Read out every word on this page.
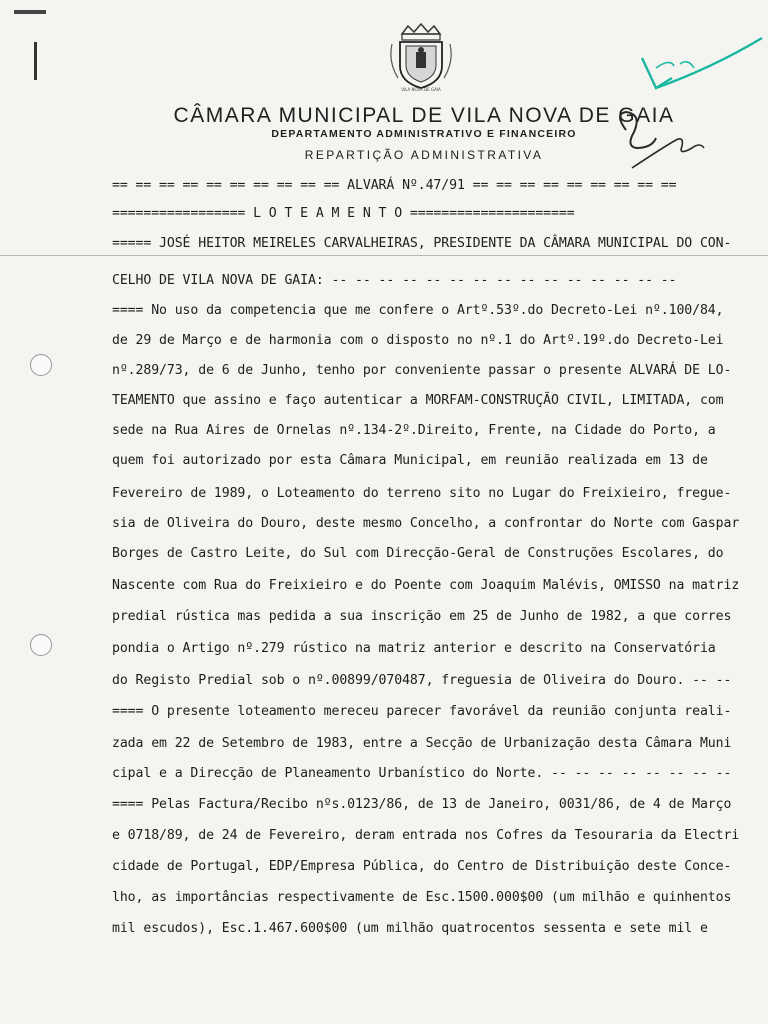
VILA NOVA DE GAIA
CÂMARA MUNICIPAL DE VILA NOVA DE GAIA
DEPARTAMENTO ADMINISTRATIVO E FINANCEIRO
REPARTIÇÃO ADMINISTRATIVA
== == == == == == == == == == ALVARÁ Nº.47/91 == == == == == == == == ==
================= L O T E A M E N T O =====================
===== JOSÉ HEITOR MEIRELES CARVALHEIRAS, PRESIDENTE DA CÂMARA MUNICIPAL DO CON-
CELHO DE VILA NOVA DE GAIA: -- -- -- -- -- -- -- -- -- -- -- -- -- -- --
==== No uso da competencia que me confere o Artº.53º.do Decreto-Lei nº.100/84,
de 29 de Março e de harmonia com o disposto no nº.1 do Artº.19º.do Decreto-Lei
nº.289/73, de 6 de Junho, tenho por conveniente passar o presente ALVARÁ DE LO-
TEAMENTO que assino e faço autenticar a MORFAM-CONSTRUÇÃO CIVIL, LIMITADA, com
sede na Rua Aires de Ornelas nº.134-2º.Direito, Frente, na Cidade do Porto, a
quem foi autorizado por esta Câmara Municipal, em reunião realizada em 13 de
Fevereiro de 1989, o Loteamento do terreno sito no Lugar do Freixieiro, fregue-
sia de Oliveira do Douro, deste mesmo Concelho, a confrontar do Norte com Gaspar
Borges de Castro Leite, do Sul com Direcção-Geral de Construções Escolares, do
Nascente com Rua do Freixieiro e do Poente com Joaquim Malévis, OMISSO na matriz
predial rústica mas pedida a sua inscrição em 25 de Junho de 1982, a que corres
pondia o Artigo nº.279 rústico na matriz anterior e descrito na Conservatória
do Registo Predial sob o nº.00899/070487, freguesia de Oliveira do Douro. -- --
==== O presente loteamento mereceu parecer favorável da reunião conjunta reali-
zada em 22 de Setembro de 1983, entre a Secção de Urbanização desta Câmara Muni
cipal e a Direcção de Planeamento Urbanístico do Norte. -- -- -- -- -- -- -- --
==== Pelas Factura/Recibo nºs.0123/86, de 13 de Janeiro, 0031/86, de 4 de Março
e 0718/89, de 24 de Fevereiro, deram entrada nos Cofres da Tesouraria da Electri
cidade de Portugal, EDP/Empresa Pública, do Centro de Distribuição deste Conce-
lho, as importâncias respectivamente de Esc.1500.000$00 (um milhão e quinhentos
mil escudos), Esc.1.467.600$00 (um milhão quatrocentos sessenta e sete mil e
